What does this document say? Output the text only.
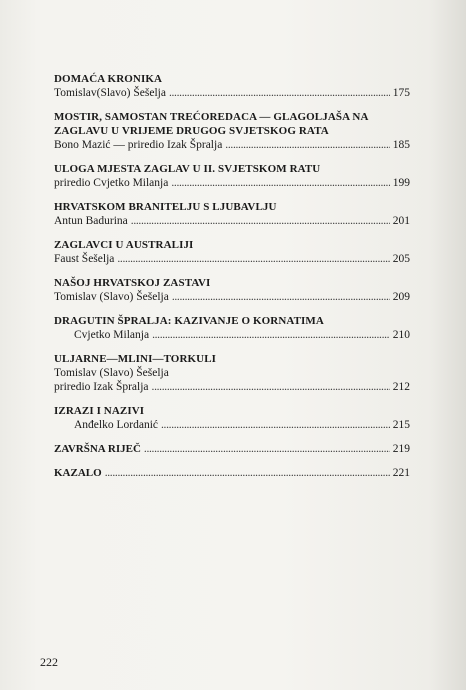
DOMAĆA KRONIKA
Tomislav(Slavo) Šešelja . . .	175
MOSTIR, SAMOSTAN TREĆOREDACA — GLAGOLJAŠA NA ZAGLAVU U VRIJEME DRUGOG SVJETSKOG RATA
Bono Mazić — priredio Izak Špralja . . .	185
ULOGA MJESTA ZAGLAV U II. SVJETSKOM RATU
priredio Cvjetko Milanja . . .	199
HRVATSKOM BRANITELJU S LJUBAVLJU
Antun Badurina . . .	201
ZAGLAVCI U AUSTRALIJI
Faust Šešelja . . .	205
NAŠOJ HRVATSKOJ ZASTAVI
Tomislav (Slavo) Šešelja . . .	209
DRAGUTIN ŠPRALJA: KAZIVANJE O KORNATIMA
Cvjetko Milanja . . .	210
ULJARNE—MLINI—TORKULI
Tomislav (Slavo) Šešelja
priredio Izak Špralja . . .	212
IZRAZI I NAZIVI
Anđelko Lordanić . . .	215
ZAVRŠNA RIJEČ . . .	219
KAZALO . . .	221
222
